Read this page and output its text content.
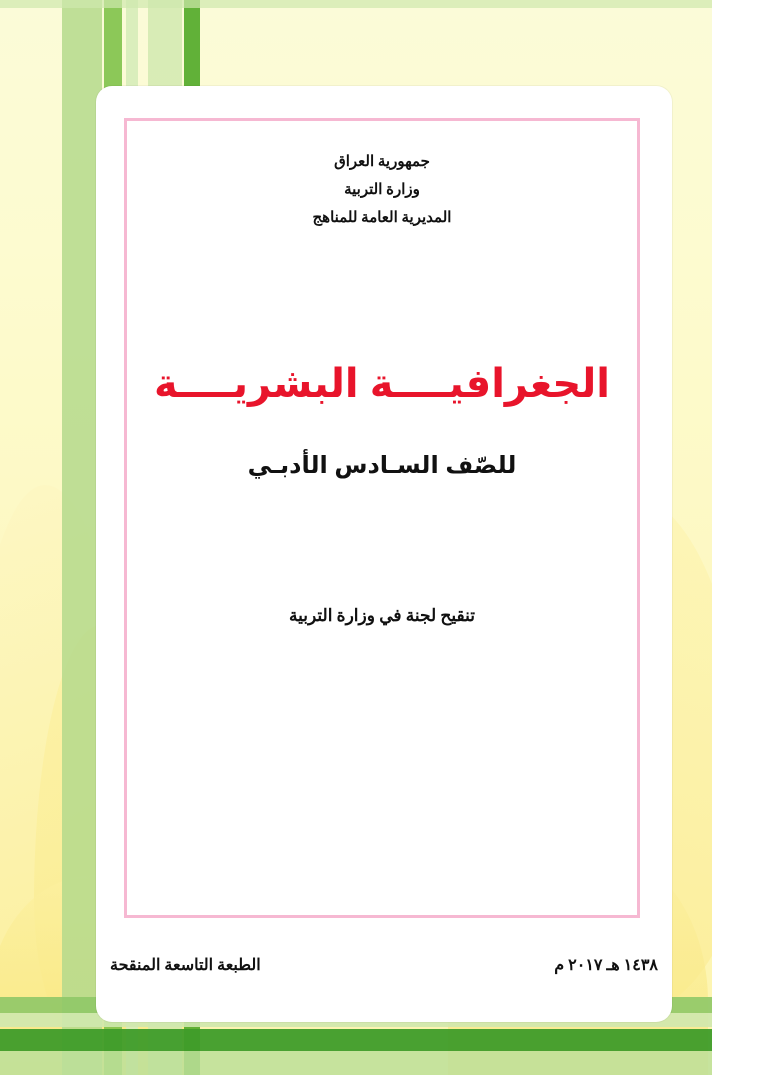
جمهورية العراق
وزارة التربية
المديرية العامة للمناهج
الجغرافيــــة البشريــــة
للصّف السـادس الأدبـي
تنقيح لجنة في وزارة التربية
الطبعة التاسعة المنقحة	١٤٣٨ هـ ٢٠١٧ م
